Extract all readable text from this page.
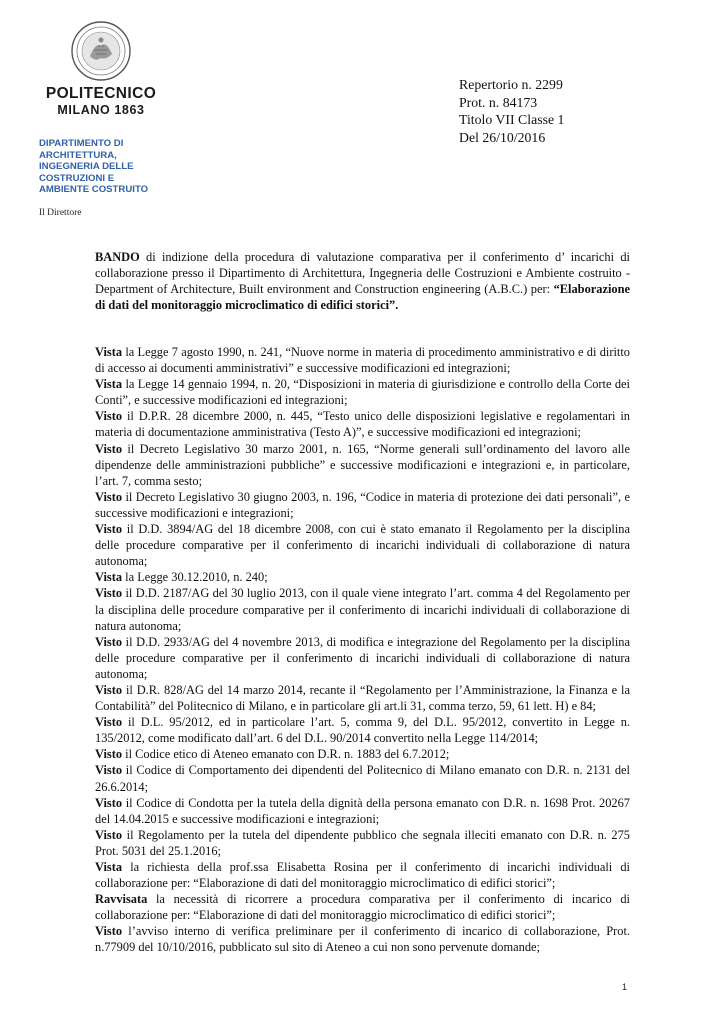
POLITECNICO
MILANO 1863
DIPARTIMENTO DI
ARCHITETTURA,
INGEGNERIA DELLE
COSTRUZIONI E
AMBIENTE COSTRUITO
Il Direttore
Repertorio n. 2299
Prot. n. 84173
Titolo VII Classe 1
Del 26/10/2016

BANDO di indizione della procedura di valutazione comparativa per il conferimento d’ incarichi di collaborazione presso il Dipartimento di Architettura, Ingegneria delle Costruzioni e Ambiente costruito - Department of Architecture, Built environment and Construction engineering (A.B.C.) per: “Elaborazione di dati del monitoraggio microclimatico di edifici storici”.

Vista la Legge 7 agosto 1990, n. 241, “Nuove norme in materia di procedimento amministrativo e di diritto di accesso ai documenti amministrativi” e successive modificazioni ed integrazioni;

Vista la Legge 14 gennaio 1994, n. 20, “Disposizioni in materia di giurisdizione e controllo della Corte dei Conti”, e successive modificazioni ed integrazioni;

Visto il D.P.R. 28 dicembre 2000, n. 445, “Testo unico delle disposizioni legislative e regolamentari in materia di documentazione amministrativa (Testo A)”, e successive modificazioni ed integrazioni;

Visto il Decreto Legislativo 30 marzo 2001, n. 165, “Norme generali sull’ordinamento del lavoro alle dipendenze delle amministrazioni pubbliche” e successive modificazioni e integrazioni e, in particolare, l’art. 7, comma sesto;

Visto il Decreto Legislativo 30 giugno 2003, n. 196, “Codice in materia di protezione dei dati personali”, e successive modificazioni e integrazioni;

Visto il D.D. 3894/AG del 18 dicembre 2008, con cui è stato emanato il Regolamento per la disciplina delle procedure comparative per il conferimento di incarichi individuali di collaborazione di natura autonoma;

Vista la Legge 30.12.2010, n. 240;

Visto il D.D. 2187/AG del 30 luglio 2013, con il quale viene integrato l’art. comma 4 del Regolamento per la disciplina delle procedure comparative per il conferimento di incarichi individuali di collaborazione di natura autonoma;

Visto il D.D. 2933/AG del 4 novembre 2013, di modifica e integrazione del Regolamento per la disciplina delle procedure comparative per il conferimento di incarichi individuali di collaborazione di natura autonoma;

Visto il D.R. 828/AG del 14 marzo 2014, recante il “Regolamento per l’Amministrazione, la Finanza e la Contabilità” del Politecnico di Milano, e in particolare gli art.li 31, comma terzo, 59, 61 lett. H) e 84;

Visto il D.L. 95/2012, ed in particolare l’art. 5, comma 9, del D.L. 95/2012, convertito in Legge n. 135/2012, come modificato dall’art. 6 del D.L. 90/2014 convertito nella Legge 114/2014;

Visto il Codice etico di Ateneo emanato con D.R. n. 1883 del 6.7.2012;

Visto il Codice di Comportamento dei dipendenti del Politecnico di Milano emanato con D.R. n. 2131 del 26.6.2014;

Visto il Codice di Condotta per la tutela della dignità della persona emanato con D.R. n. 1698 Prot. 20267 del 14.04.2015 e successive modificazioni e integrazioni;

Visto il Regolamento per la tutela del dipendente pubblico che segnala illeciti emanato con D.R. n. 275 Prot. 5031 del 25.1.2016;

Vista la richiesta della prof.ssa Elisabetta Rosina per il conferimento di incarichi individuali di collaborazione per: “Elaborazione di dati del monitoraggio microclimatico di edifici storici”;

Ravvisata la necessità di ricorrere a procedura comparativa per il conferimento di incarico di collaborazione per: “Elaborazione di dati del monitoraggio microclimatico di edifici storici”;

Visto l’avviso interno di verifica preliminare per il conferimento di incarico di collaborazione, Prot. n.77909 del 10/10/2016, pubblicato sul sito di Ateneo a cui non sono pervenute domande;

1
